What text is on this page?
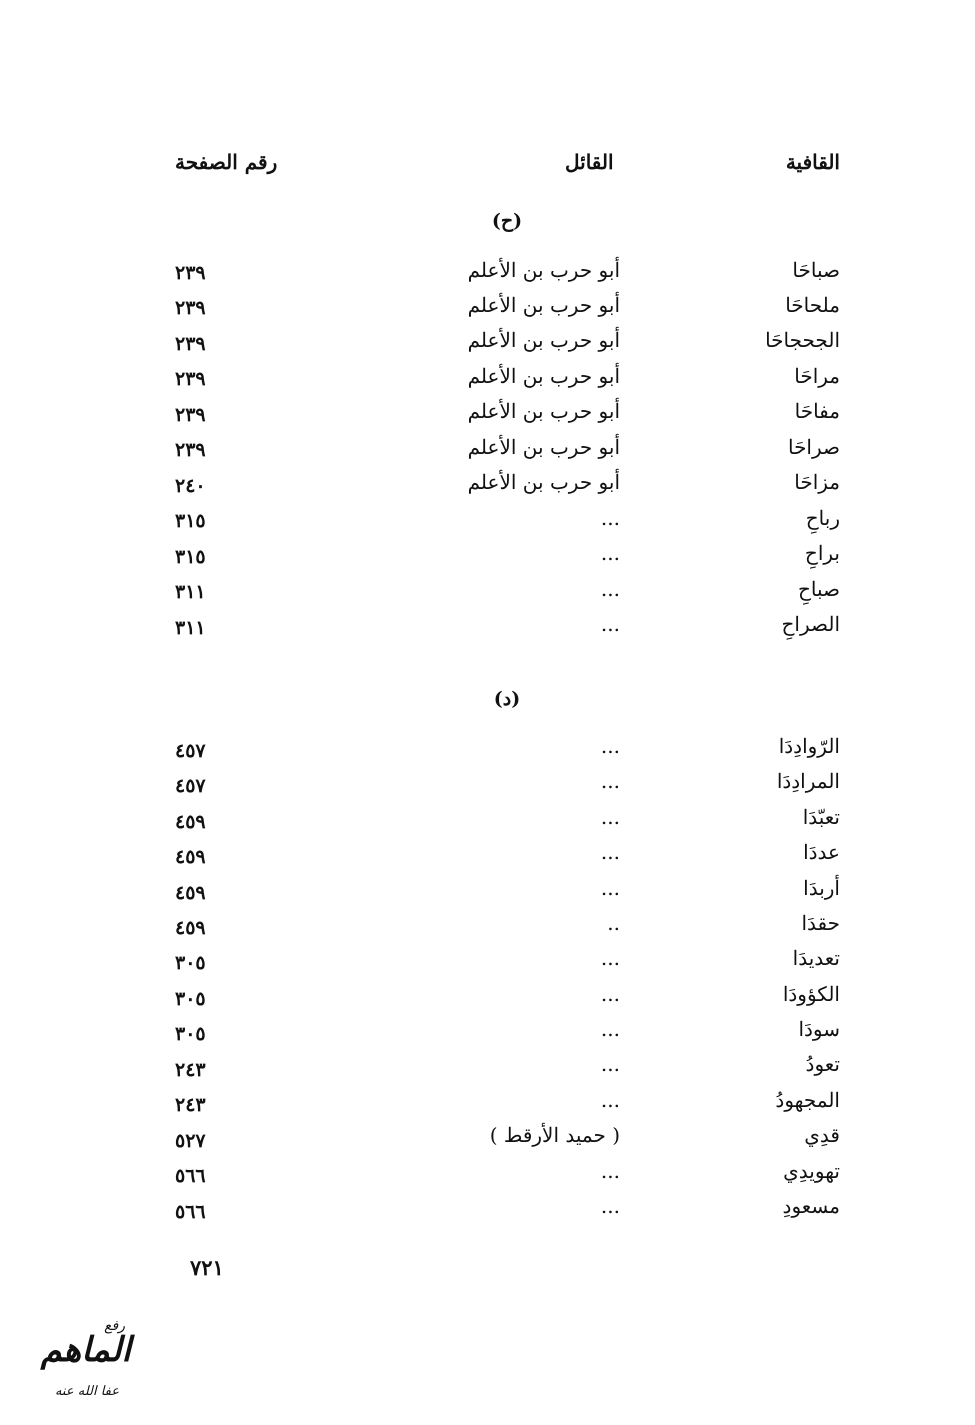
القافية
القائل
رقم الصفحة
(ح)
صباحَا
أبو حرب بن الأعلم
٢٣٩
ملحاحَا
أبو حرب بن الأعلم
٢٣٩
الجحجاحَا
أبو حرب بن الأعلم
٢٣٩
مراحَا
أبو حرب بن الأعلم
٢٣٩
مفاحَا
أبو حرب بن الأعلم
٢٣٩
صراحَا
أبو حرب بن الأعلم
٢٣٩
مزاحَا
أبو حرب بن الأعلم
٢٤٠
رباحِ
...
٣١٥
براحِ
...
٣١٥
صباحِ
...
٣١١
الصراحِ
...
٣١١
(د)
الرّوادِدَا
...
٤٥٧
المرادِدَا
...
٤٥٧
تعبّدَا
...
٤٥٩
عددَا
...
٤٥٩
أربدَا
...
٤٥٩
حقدَا
..
٤٥٩
تعديدَا
...
٣٠٥
الكؤودَا
...
٣٠٥
سودَا
...
٣٠٥
تعودُ
...
٢٤٣
المجهودُ
...
٢٤٣
قدِي
( حميد الأرقط )
٥٢٧
تهويدِي
...
٥٦٦
مسعودِ
...
٥٦٦
٧٢١
رفع
الماهم
عفا الله عنه
